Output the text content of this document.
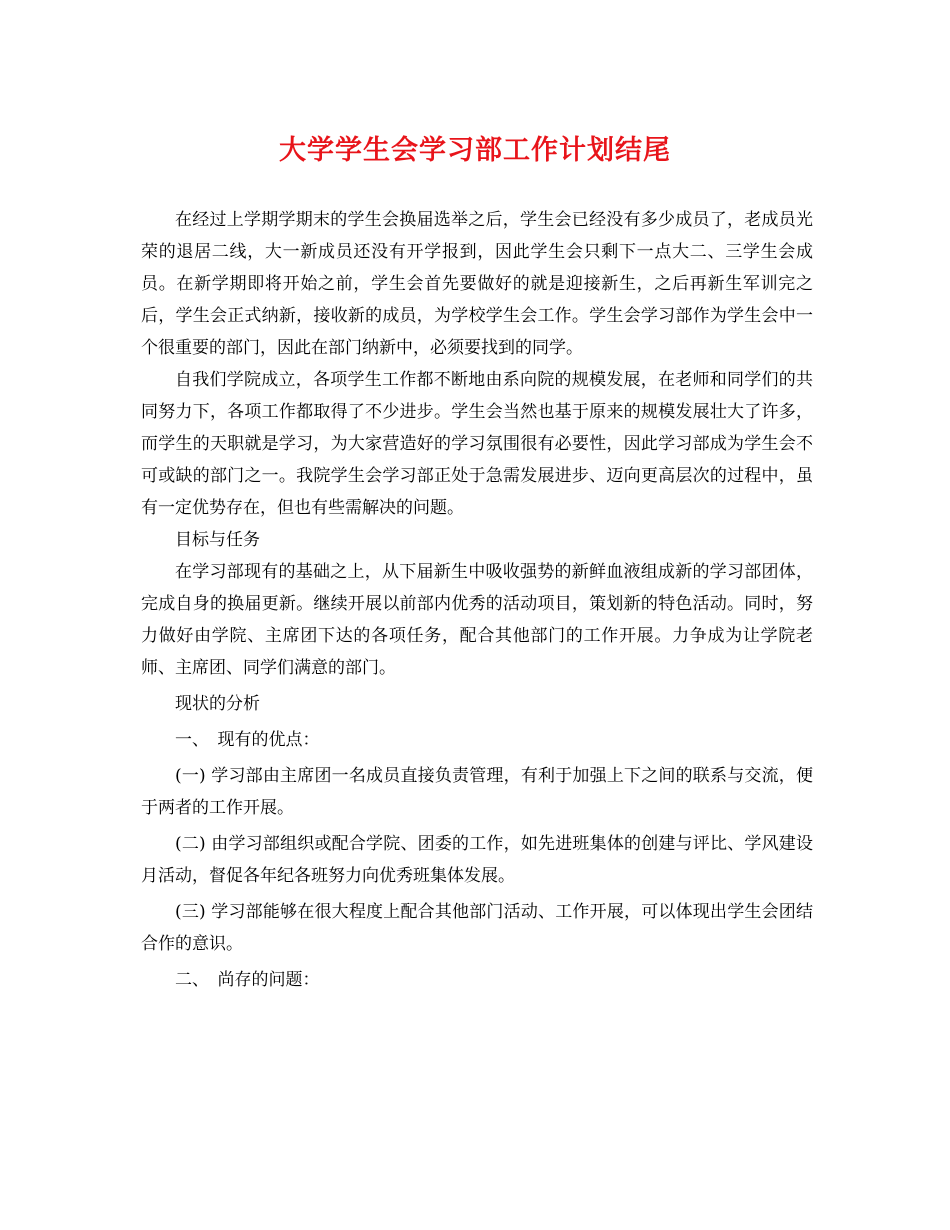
大学学生会学习部工作计划结尾

在经过上学期学期末的学生会换届选举之后，学生会已经没有多少成员了，老成员光荣的退居二线，大一新成员还没有开学报到，因此学生会只剩下一点大二、三学生会成员。在新学期即将开始之前，学生会首先要做好的就是迎接新生，之后再新生军训完之后，学生会正式纳新，接收新的成员，为学校学生会工作。学生会学习部作为学生会中一个很重要的部门，因此在部门纳新中，必须要找到的同学。

自我们学院成立，各项学生工作都不断地由系向院的规模发展，在老师和同学们的共同努力下，各项工作都取得了不少进步。学生会当然也基于原来的规模发展壮大了许多，而学生的天职就是学习，为大家营造好的学习氛围很有必要性，因此学习部成为学生会不可或缺的部门之一。我院学生会学习部正处于急需发展进步、迈向更高层次的过程中，虽有一定优势存在，但也有些需解决的问题。

目标与任务

在学习部现有的基础之上，从下届新生中吸收强势的新鲜血液组成新的学习部团体，完成自身的换届更新。继续开展以前部内优秀的活动项目，策划新的特色活动。同时，努力做好由学院、主席团下达的各项任务，配合其他部门的工作开展。力争成为让学院老师、主席团、同学们满意的部门。

现状的分析

一、　现有的优点：

(一) 学习部由主席团一名成员直接负责管理，有利于加强上下之间的联系与交流，便于两者的工作开展。

(二) 由学习部组织或配合学院、团委的工作，如先进班集体的创建与评比、学风建设月活动，督促各年纪各班努力向优秀班集体发展。

(三) 学习部能够在很大程度上配合其他部门活动、工作开展，可以体现出学生会团结合作的意识。

二、　尚存的问题：
